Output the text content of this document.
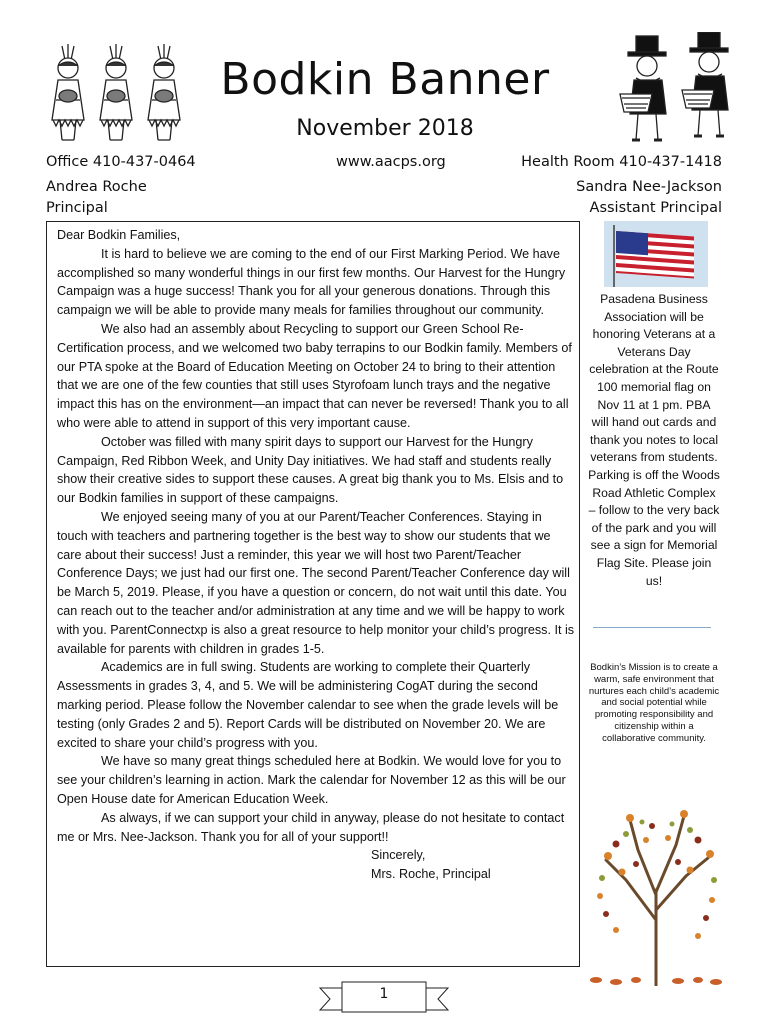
Bodkin Banner
November 2018
Office 410-437-0464	www.aacps.org	Health Room 410-437-1418
Andrea Roche
Principal
Sandra Nee-Jackson
Assistant Principal

Dear Bodkin Families,

It is hard to believe we are coming to the end of our First Marking Period. We have accomplished so many wonderful things in our first few months. Our Harvest for the Hungry Campaign was a huge success! Thank you for all your generous donations. Through this campaign we will be able to provide many meals for families throughout our community.

We also had an assembly about Recycling to support our Green School Re-Certification process, and we welcomed two baby terrapins to our Bodkin family. Members of our PTA spoke at the Board of Education Meeting on October 24 to bring to their attention that we are one of the few counties that still uses Styrofoam lunch trays and the negative impact this has on the environment—an impact that can never be reversed! Thank you to all who were able to attend in support of this very important cause.

October was filled with many spirit days to support our Harvest for the Hungry Campaign, Red Ribbon Week, and Unity Day initiatives. We had staff and students really show their creative sides to support these causes. A great big thank you to Ms. Elsis and to our Bodkin families in support of these campaigns.

We enjoyed seeing many of you at our Parent/Teacher Conferences. Staying in touch with teachers and partnering together is the best way to show our students that we care about their success! Just a reminder, this year we will host two Parent/Teacher Conference Days; we just had our first one. The second Parent/Teacher Conference day will be March 5, 2019. Please, if you have a question or concern, do not wait until this date. You can reach out to the teacher and/or administration at any time and we will be happy to work with you. ParentConnectxp is also a great resource to help monitor your child’s progress. It is available for parents with children in grades 1-5.

Academics are in full swing. Students are working to complete their Quarterly Assessments in grades 3, 4, and 5. We will be administering CogAT during the second marking period. Please follow the November calendar to see when the grade levels will be testing (only Grades 2 and 5). Report Cards will be distributed on November 20. We are excited to share your child’s progress with you.

We have so many great things scheduled here at Bodkin. We would love for you to see your children’s learning in action. Mark the calendar for November 12 as this will be our Open House date for American Education Week.

As always, if we can support your child in anyway, please do not hesitate to contact me or Mrs. Nee-Jackson. Thank you for all of your support!!

Sincerely,

Mrs. Roche, Principal

Pasadena Business Association will be honoring Veterans at a Veterans Day celebration at the Route 100 memorial flag on Nov 11 at 1 pm. PBA will hand out cards and thank you notes to local veterans from students. Parking is off the Woods Road Athletic Complex – follow to the very back of the park and you will see a sign for Memorial Flag Site. Please join us!
Bodkin’s Mission is to create a warm, safe environment that nurtures each child’s academic and social potential while promoting responsibility and citizenship within a collaborative community.
1
